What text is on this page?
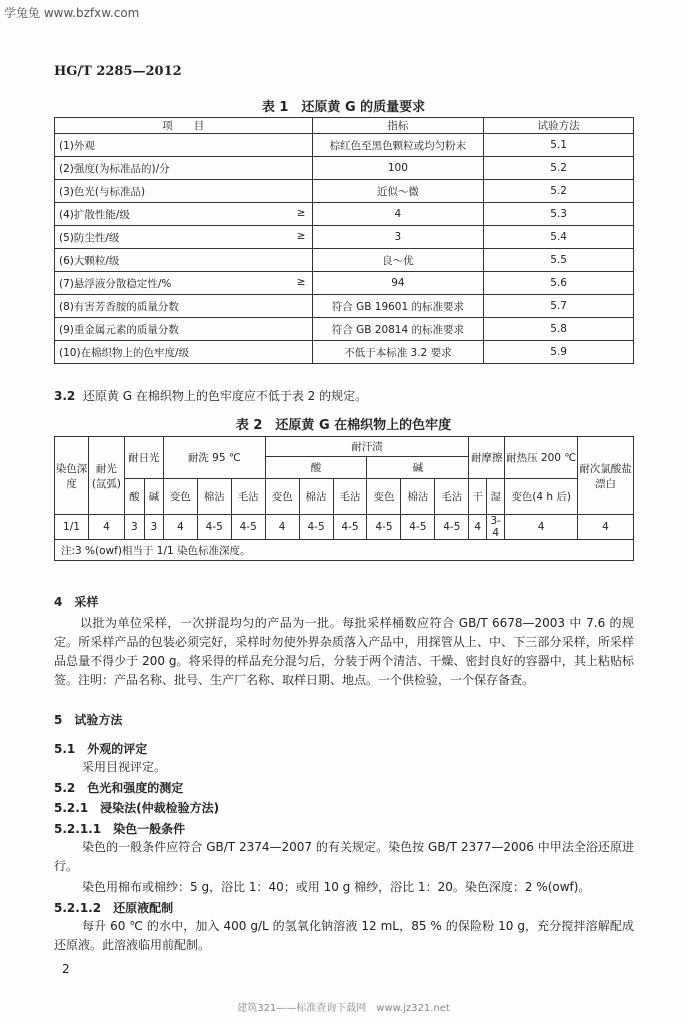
学兔兔 www.bzfxw.com
HG/T 2285—2012
表 1　还原黄 G 的质量要求
项　　目	指标	试验方法
(1)外观	棕红色至黑色颗粒或均匀粉末	5.1
(2)强度(为标准品的)/分	100	5.2
(3)色光(与标准品)	近似～微	5.2
(4)扩散性能/级 ≥	4	5.3
(5)防尘性/级 ≥	3	5.4
(6)大颗粒/级	良～优	5.5
(7)悬浮液分散稳定性/% ≥	94	5.6
(8)有害芳香胺的质量分数	符合 GB 19601 的标准要求	5.7
(9)重金属元素的质量分数	符合 GB 20814 的标准要求	5.8
(10)在棉织物上的色牢度/级	不低于本标准 3.2 要求	5.9
3.2 还原黄 G 在棉织物上的色牢度应不低于表 2 的规定。
表 2　还原黄 G 在棉织物上的色牢度
染色深度	耐光(氙弧)	耐日光		耐洗 95 ℃			耐汗渍						耐摩擦		耐热压 200 ℃	耐次氯酸盐漂白
							酸			碱						
		酸	碱	变色	棉沾	毛沾	变色	棉沾	毛沾	变色	棉沾	毛沾	干	湿	变色(4 h 后)	
1/1	4	3	3	4	4-5	4-5	4	4-5	4-5	4-5	4-5	4-5	4	3-4	4	4
注:3 %(owf)相当于 1/1 染色标准深度。																
4　采样
以批为单位采样，一次拼混均匀的产品为一批。每批采样桶数应符合 GB/T 6678—2003 中 7.6 的规定。所采样产品的包装必须完好，采样时勿使外界杂质落入产品中，用探管从上、中、下三部分采样，所采样品总量不得少于 200 g。将采得的样品充分混匀后，分装于两个清洁、干燥、密封良好的容器中，其上粘贴标签。注明：产品名称、批号、生产厂名称、取样日期、地点。一个供检验，一个保存备查。
5　试验方法
5.1　外观的评定
采用目视评定。
5.2　色光和强度的测定
5.2.1　浸染法(仲裁检验方法)
5.2.1.1　染色一般条件
染色的一般条件应符合 GB/T 2374—2007 的有关规定。染色按 GB/T 2377—2006 中甲法全浴还原进行。
染色用棉布或棉纱：5 g，浴比 1：40；或用 10 g 棉纱，浴比 1：20。染色深度：2 %(owf)。
5.2.1.2　还原液配制
每升 60 ℃ 的水中，加入 400 g/L 的氢氧化钠溶液 12 mL，85 % 的保险粉 10 g，充分搅拌溶解配成还原液。此溶液临用前配制。
2
建筑321——标准查询下载网　www.jz321.net
